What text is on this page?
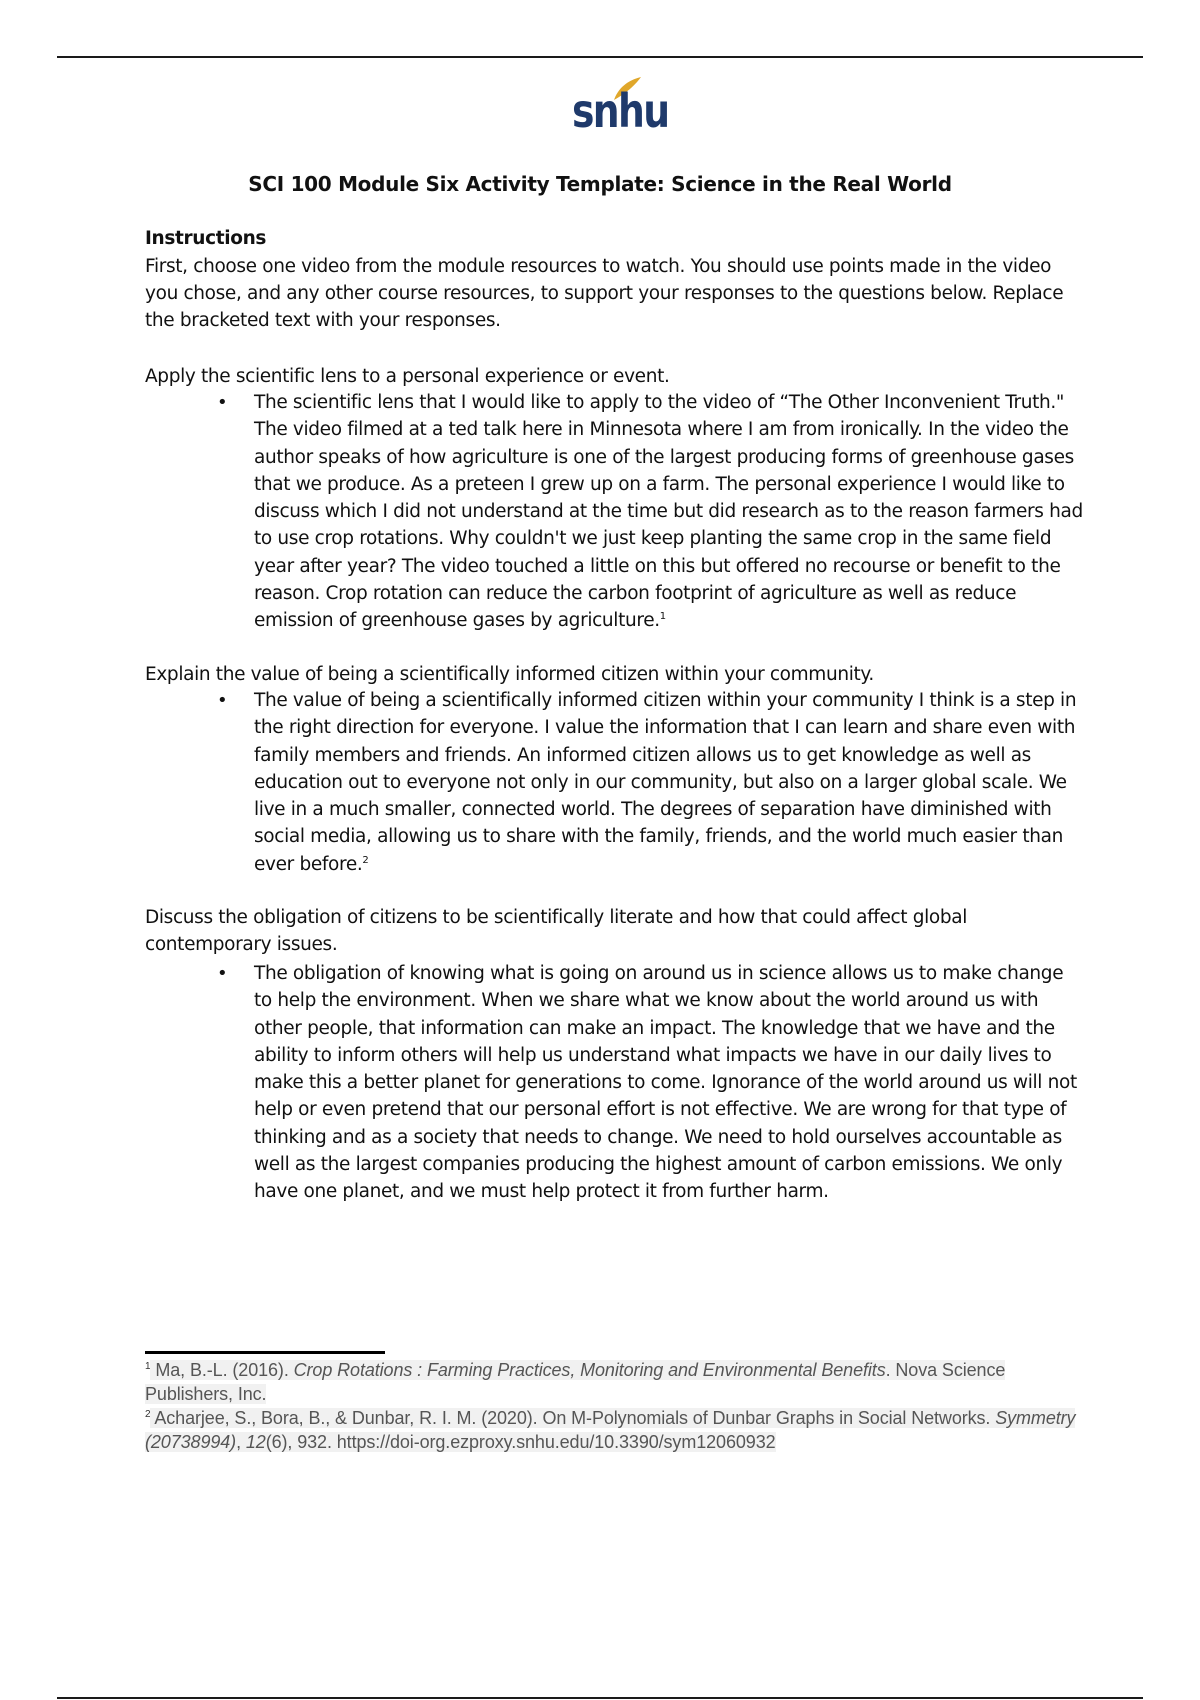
snhu
SCI 100 Module Six Activity Template: Science in the Real World
Instructions
First, choose one video from the module resources to watch. You should use points made in the video you chose, and any other course resources, to support your responses to the questions below. Replace the bracketed text with your responses.
Apply the scientific lens to a personal experience or event.
• The scientific lens that I would like to apply to the video of “The Other Inconvenient Truth." The video filmed at a ted talk here in Minnesota where I am from ironically. In the video the author speaks of how agriculture is one of the largest producing forms of greenhouse gases that we produce. As a preteen I grew up on a farm. The personal experience I would like to discuss which I did not understand at the time but did research as to the reason farmers had to use crop rotations. Why couldn't we just keep planting the same crop in the same field year after year? The video touched a little on this but offered no recourse or benefit to the reason. Crop rotation can reduce the carbon footprint of agriculture as well as reduce emission of greenhouse gases by agriculture.$^1$
Explain the value of being a scientifically informed citizen within your community.
• The value of being a scientifically informed citizen within your community I think is a step in the right direction for everyone. I value the information that I can learn and share even with family members and friends. An informed citizen allows us to get knowledge as well as education out to everyone not only in our community, but also on a larger global scale. We live in a much smaller, connected world. The degrees of separation have diminished with social media, allowing us to share with the family, friends, and the world much easier than ever before.$^2$
Discuss the obligation of citizens to be scientifically literate and how that could affect global contemporary issues.
• The obligation of knowing what is going on around us in science allows us to make change to help the environment. When we share what we know about the world around us with other people, that information can make an impact. The knowledge that we have and the ability to inform others will help us understand what impacts we have in our daily lives to make this a better planet for generations to come. Ignorance of the world around us will not help or even pretend that our personal effort is not effective. We are wrong for that type of thinking and as a society that needs to change. We need to hold ourselves accountable as well as the largest companies producing the highest amount of carbon emissions. We only have one planet, and we must help protect it from further harm.
$^1$ Ma, B.-L. (2016). Crop Rotations : Farming Practices, Monitoring and Environmental Benefits. Nova Science Publishers, Inc.
$^2$ Acharjee, S., Bora, B., & Dunbar, R. I. M. (2020). On M-Polynomials of Dunbar Graphs in Social Networks. Symmetry (20738994), 12(6), 932. https://doi-org.ezproxy.snhu.edu/10.3390/sym12060932
